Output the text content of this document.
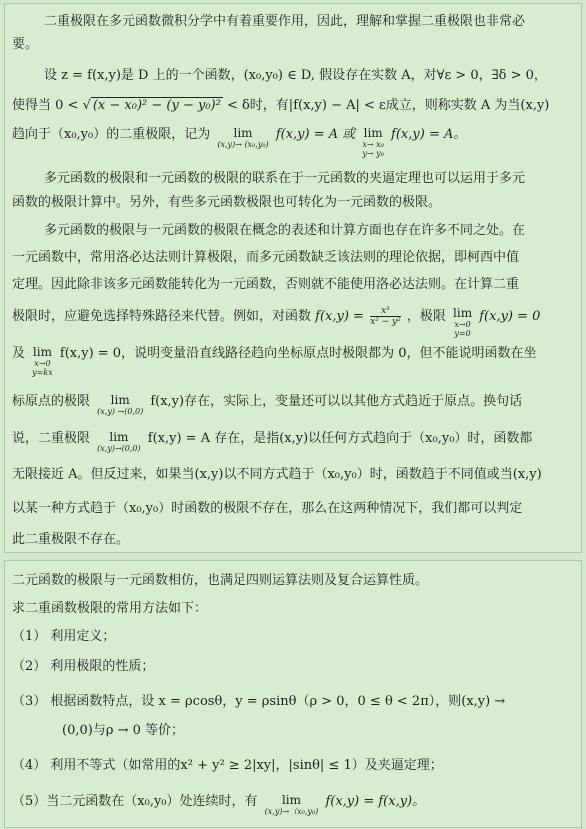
二重极限在多元函数微积分学中有着重要作用，因此，理解和掌握二重极限也非常必
要。
设 z = f(x,y)是 D 上的一个函数，(x₀,y₀) ∈ D, 假设存在实数 A，对∀ε > 0，∃δ > 0，
使得当 0 < √ (x − x₀)² − (y − y₀)² < δ时，有|f(x,y) − A| < ε成立，则称实数 A 为当(x,y)
趋向于（x₀,y₀）的二重极限，记为	lim
(x,y)→ (x₀,y₀)
f(x,y) = A 或 lim
x→ x₀
y→ y₀
f(x,y) = A。
多元函数的极限和一元函数的极限的联系在于一元函数的夹逼定理也可以运用于多元
函数的极限计算中。另外，有些多元函数极限也可转化为一元函数的极限。
多元函数的极限与一元函数的极限在概念的表述和计算方面也存在许多不同之处。在
一元函数中，常用洛必达法则计算极限，而多元函数缺乏该法则的理论依据，即柯西中值
定理。因此除非该多元函数能转化为一元函数，否则就不能使用洛必达法则。在计算二重
极限时，应避免选择特殊路径来代替。例如，对函数 $f(x,y) = \frac{\text{x³}}{\text{x² − y²}}$ ，极限 lim
x→0
y=0
f(x,y) = 0
及 lim
x→0
y=kx
f(x,y) = 0，说明变量沿直线路径趋向坐标原点时极限都为 0，但不能说明函数在坐
标原点的极限	lim
(x,y) →(0,0)
f(x,y)存在，实际上，变量还可以以其他方式趋近于原点。换句话
说，二重极限	lim
(x,y)→(0,0)
f(x,y) = A 存在，是指(x,y)以任何方式趋向于（x₀,y₀）时，函数都
无限接近 A。但反过来，如果当(x,y)以不同方式趋于（x₀,y₀）时，函数趋于不同值或当(x,y)
以某一种方式趋于（x₀,y₀）时函数的极限不存在，那么在这两种情况下，我们都可以判定
此二重极限不存在。
二元函数的极限与一元函数相仿，也满足四则运算法则及复合运算性质。
求二重函数极限的常用方法如下：
（1） 利用定义；
（2） 利用极限的性质；
（3） 根据函数特点，设 x = ρcosθ，y = ρsinθ（ρ > 0，0 ≤ θ < 2π），则(x,y) →
(0,0)与ρ → 0 等价；
（4） 利用不等式（如常用的x² + y² ≥ 2|xy|，|sinθ| ≤ 1）及夹逼定理；
（5）当二元函数在（x₀,y₀）处连续时，有	lim
(x,y)→（x₀,y₀)
f(x,y) = f(x,y)。
